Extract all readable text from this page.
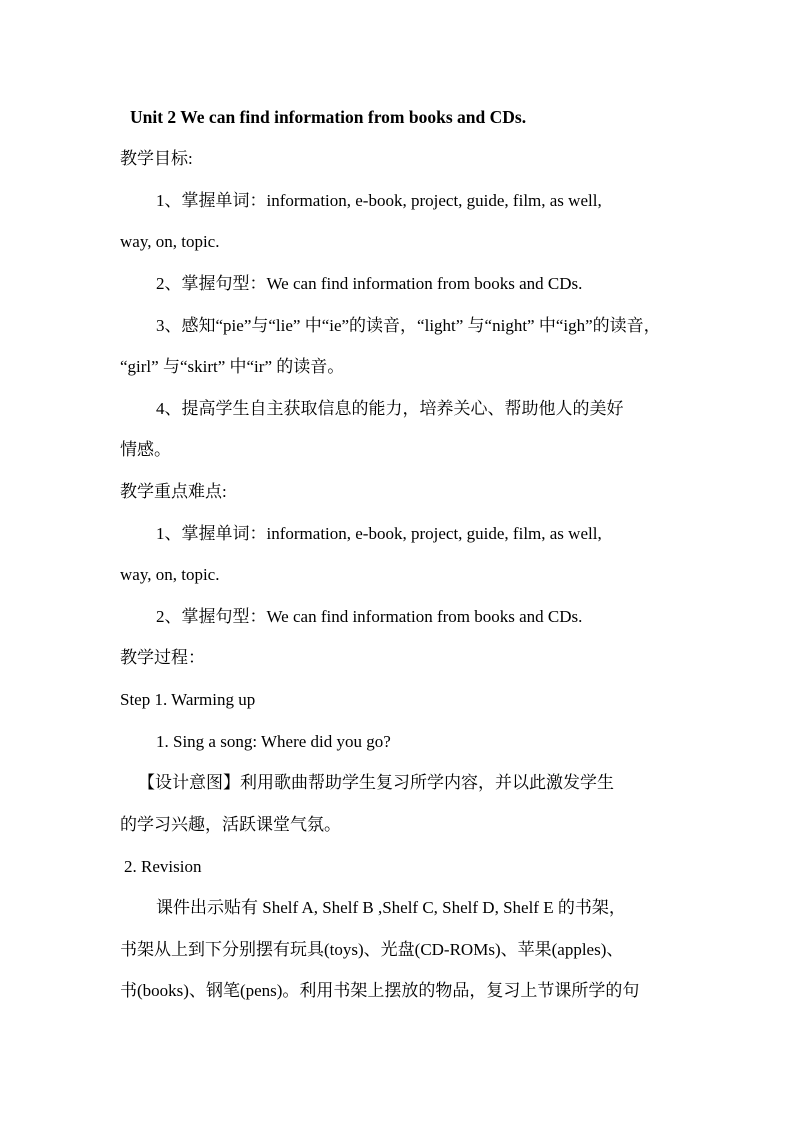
Unit 2 We can find information from books and CDs.
教学目标:
1、掌握单词：information, e-book, project, guide, film, as well,
way, on, topic.
2、掌握句型：We can find information from books and CDs.
3、感知“pie”与“lie” 中“ie”的读音，“light” 与“night” 中“igh”的读音，
“girl” 与“skirt” 中“ir” 的读音。
4、提高学生自主获取信息的能力，培养关心、帮助他人的美好
情感。
教学重点难点:
1、掌握单词：information, e-book, project, guide, film, as well,
way, on, topic.
2、掌握句型：We can find information from books and CDs.
教学过程：
Step 1. Warming up
1. Sing a song: Where did you go?
【设计意图】利用歌曲帮助学生复习所学内容，并以此激发学生
的学习兴趣，活跃课堂气氛。
2. Revision
课件出示贴有 Shelf A, Shelf B ,Shelf C, Shelf D, Shelf E 的书架，
书架从上到下分别摆有玩具(toys)、光盘(CD-ROMs)、苹果(apples)、
书(books)、钢笔(pens)。利用书架上摆放的物品，复习上节课所学的句
